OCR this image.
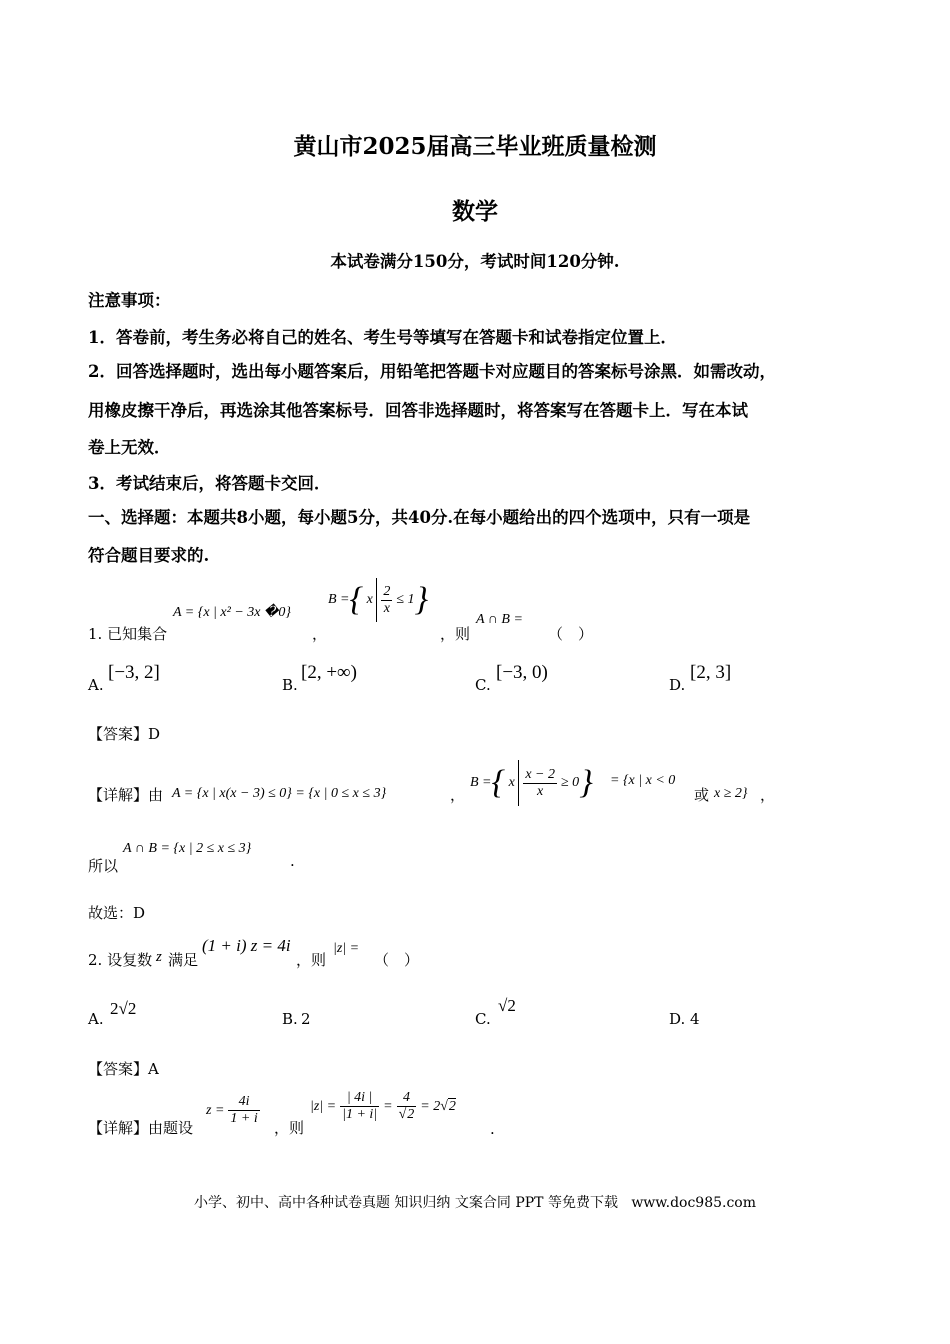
黄山市2025届高三毕业班质量检测
数学
本试卷满分150分，考试时间120分钟.
注意事项：
1．答卷前，考生务必将自己的姓名、考生号等填写在答题卡和试卷指定位置上．
2．回答选择题时，选出每小题答案后，用铅笔把答题卡对应题目的答案标号涂黑．如需改动，
用橡皮擦干净后，再选涂其他答案标号．回答非选择题时，将答案写在答题卡上．写在本试
卷上无效．
3．考试结束后，将答题卡交回．
一、选择题：本题共8小题，每小题5分，共40分.在每小题给出的四个选项中，只有一项是
符合题目要求的.
1. 已知集合
A = {x | x² − 3x �0}
，
B = { x $\frac{2}{x} \le 1$ }
，则
A ∩ B =
（　）
A.
[−3, 2]
B.
[2, +∞)
C.
[−3, 0)
D.
[2, 3]
【答案】D
【详解】由 A = {x | x(x − 3) ≤ 0} = {x | 0 ≤ x ≤ 3}	，
B = { x $\frac{x - 2}{x} \ge 0$ } = {x | x < 0
或 x ≥ 2} ，
所以
A ∩ B = {x | 2 ≤ x ≤ 3}
.
故选：D
2. 设复数 z 满足
(1 + i) z = 4i
，则
|z| =
（　）
A.
2√2
B. 2	C.
√2
D. 4
【答案】A
【详解】由题设
$z = \frac{4i}{1 + i}$
，则
$|z| = \frac{| 4i |}{|1 + i|} = \frac{4}{√2} = 2√2$
.
小学、初中、高中各种试卷真题 知识归纳 文案合同 PPT 等免费下载 www.doc985.com
